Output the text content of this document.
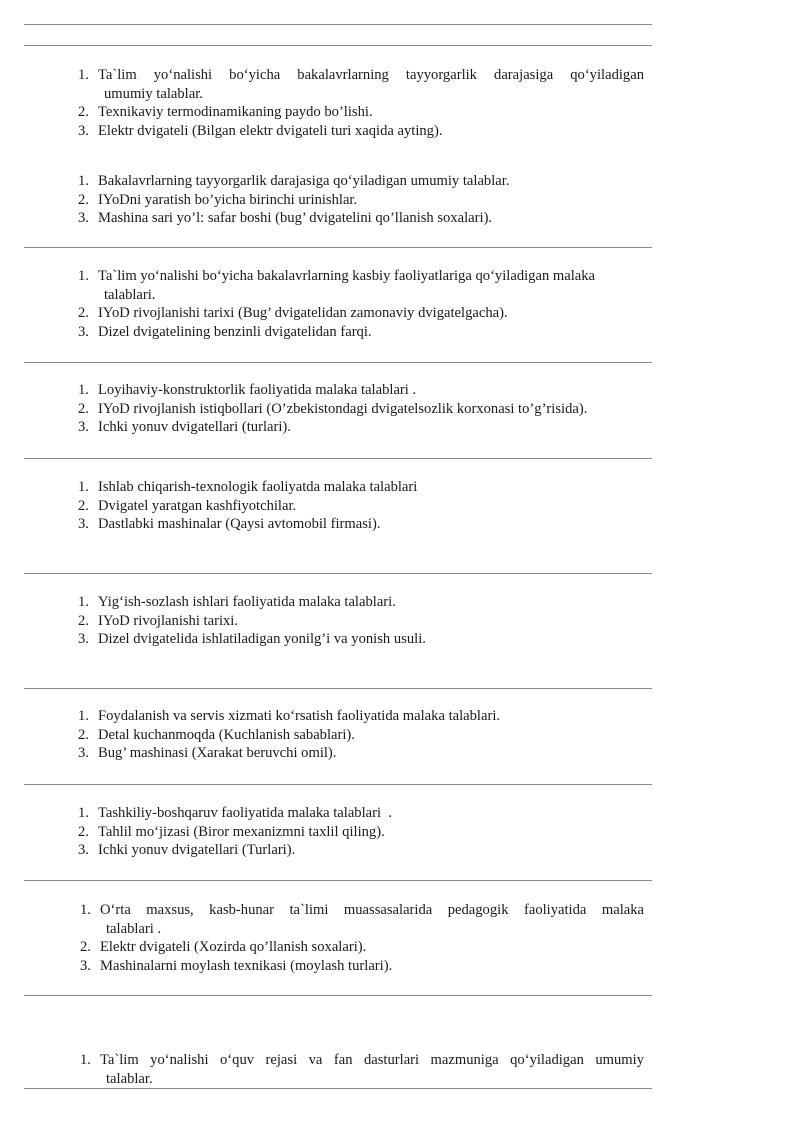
1. Ta`lim yo‘nalishi bo‘yicha bakalavrlarning tayyorgarlik darajasiga qo‘yiladigan
umumiy talablar.
2. Texnikaviy termodinamikaning paydo bo’lishi.
3. Elektr dvigateli (Bilgan elektr dvigateli turi xaqida ayting).
1. Bakalavrlarning tayyorgarlik darajasiga qo‘yiladigan umumiy talablar.
2. IYoDni yaratish bo’yicha birinchi urinishlar.
3. Mashina sari yo’l: safar boshi (bug’ dvigatelini qo’llanish soxalari).
1. Ta`lim yo‘nalishi bo‘yicha bakalavrlarning kasbiy faoliyatlariga qo‘yiladigan malaka
talablari.
2. IYoD rivojlanishi tarixi (Bug’ dvigatelidan zamonaviy dvigatelgacha).
3. Dizel dvigatelining benzinli dvigatelidan farqi.
1. Loyihaviy-konstruktorlik faoliyatida malaka talablari .
2. IYoD rivojlanish istiqbollari (O’zbekistondagi dvigatelsozlik korxonasi to’g’risida).
3. Ichki yonuv dvigatellari (turlari).
1. Ishlab chiqarish-texnologik faoliyatda malaka talablari
2. Dvigatel yaratgan kashfiyotchilar.
3. Dastlabki mashinalar (Qaysi avtomobil firmasi).
1. Yig‘ish-sozlash ishlari faoliyatida malaka talablari.
2. IYoD rivojlanishi tarixi.
3. Dizel dvigatelida ishlatiladigan yonilg’i va yonish usuli.
1. Foydalanish va servis xizmati ko‘rsatish faoliyatida malaka talablari.
2. Detal kuchanmoqda (Kuchlanish sabablari).
3. Bug’ mashinasi (Xarakat beruvchi omil).
1. Tashkiliy-boshqaruv faoliyatida malaka talablari  .
2. Tahlil mo‘jizasi (Biror mexanizmni taxlil qiling).
3. Ichki yonuv dvigatellari (Turlari).
1. O‘rta maxsus, kasb-hunar ta`limi muassasalarida pedagogik faoliyatida malaka
talablari .
2. Elektr dvigateli (Xozirda qo’llanish soxalari).
3. Mashinalarni moylash texnikasi (moylash turlari).
1. Ta`lim yo‘nalishi o‘quv rejasi va fan dasturlari mazmuniga qo‘yiladigan umumiy
talablar.
